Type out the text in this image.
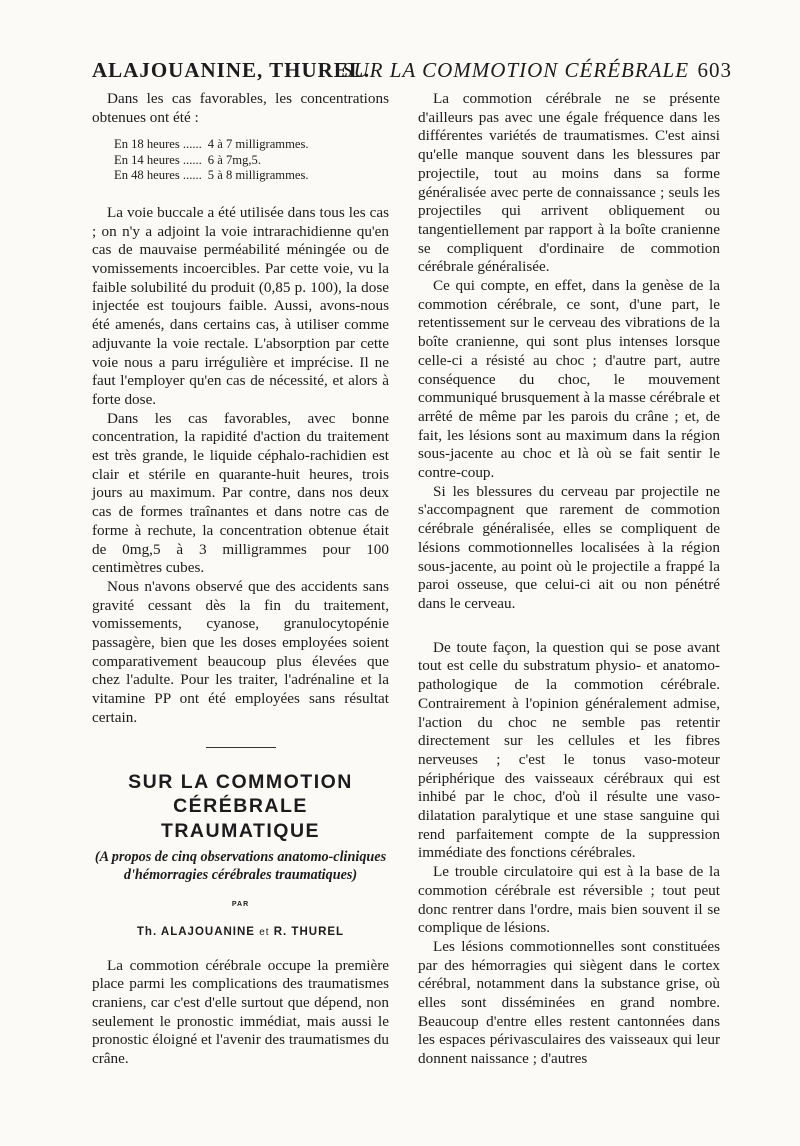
ALAJOUANINE, THUREL.
SUR LA COMMOTION CÉRÉBRALE 603

Dans les cas favorables, les concentrations obtenues ont été :

En 18 heures ......	4 à 7 milligrammes.
En 14 heures ......	6 à 7mg,5.
En 48 heures ......	5 à 8 milligrammes.

La voie buccale a été utilisée dans tous les cas ; on n'y a adjoint la voie intrarachidienne qu'en cas de mauvaise perméabilité méningée ou de vomissements incoercibles. Par cette voie, vu la faible solubilité du produit (0,85 p. 100), la dose injectée est toujours faible. Aussi, avons-nous été amenés, dans certains cas, à utiliser comme adjuvante la voie rectale. L'absorption par cette voie nous a paru irrégulière et imprécise. Il ne faut l'employer qu'en cas de nécessité, et alors à forte dose.

Dans les cas favorables, avec bonne concentration, la rapidité d'action du traitement est très grande, le liquide céphalo-rachidien est clair et stérile en quarante-huit heures, trois jours au maximum. Par contre, dans nos deux cas de formes traînantes et dans notre cas de forme à rechute, la concentration obtenue était de 0mg,5 à 3 milligrammes pour 100 centimètres cubes.

Nous n'avons observé que des accidents sans gravité cessant dès la fin du traitement, vomissements, cyanose, granulocytopénie passagère, bien que les doses employées soient comparativement beaucoup plus élevées que chez l'adulte. Pour les traiter, l'adrénaline et la vitamine PP ont été employées sans résultat certain.

SUR LA COMMOTION
CÉRÉBRALE
TRAUMATIQUE
(A propos de cinq observations anatomo-cliniques d'hémorragies cérébrales traumatiques)
PAR
Th. ALAJOUANINE et R. THUREL

La commotion cérébrale occupe la première place parmi les complications des traumatismes craniens, car c'est d'elle surtout que dépend, non seulement le pronostic immédiat, mais aussi le pronostic éloigné et l'avenir des traumatismes du crâne.

La commotion cérébrale ne se présente d'ailleurs pas avec une égale fréquence dans les différentes variétés de traumatismes. C'est ainsi qu'elle manque souvent dans les blessures par projectile, tout au moins dans sa forme généralisée avec perte de connaissance ; seuls les projectiles qui arrivent obliquement ou tangentiellement par rapport à la boîte cranienne se compliquent d'ordinaire de commotion cérébrale généralisée.

Ce qui compte, en effet, dans la genèse de la commotion cérébrale, ce sont, d'une part, le retentissement sur le cerveau des vibrations de la boîte cranienne, qui sont plus intenses lorsque celle-ci a résisté au choc ; d'autre part, autre conséquence du choc, le mouvement communiqué brusquement à la masse cérébrale et arrêté de même par les parois du crâne ; et, de fait, les lésions sont au maximum dans la région sous-jacente au choc et là où se fait sentir le contre-coup.

Si les blessures du cerveau par projectile ne s'accompagnent que rarement de commotion cérébrale généralisée, elles se compliquent de lésions commotionnelles localisées à la région sous-jacente, au point où le projectile a frappé la paroi osseuse, que celui-ci ait ou non pénétré dans le cerveau.

De toute façon, la question qui se pose avant tout est celle du substratum physio- et anatomo-pathologique de la commotion cérébrale. Contrairement à l'opinion généralement admise, l'action du choc ne semble pas retentir directement sur les cellules et les fibres nerveuses ; c'est le tonus vaso-moteur périphérique des vaisseaux cérébraux qui est inhibé par le choc, d'où il résulte une vaso-dilatation paralytique et une stase sanguine qui rend parfaitement compte de la suppression immédiate des fonctions cérébrales.

Le trouble circulatoire qui est à la base de la commotion cérébrale est réversible ; tout peut donc rentrer dans l'ordre, mais bien souvent il se complique de lésions.

Les lésions commotionnelles sont constituées par des hémorragies qui siègent dans le cortex cérébral, notamment dans la substance grise, où elles sont disséminées en grand nombre. Beaucoup d'entre elles restent cantonnées dans les espaces périvasculaires des vaisseaux qui leur donnent naissance ; d'autres
